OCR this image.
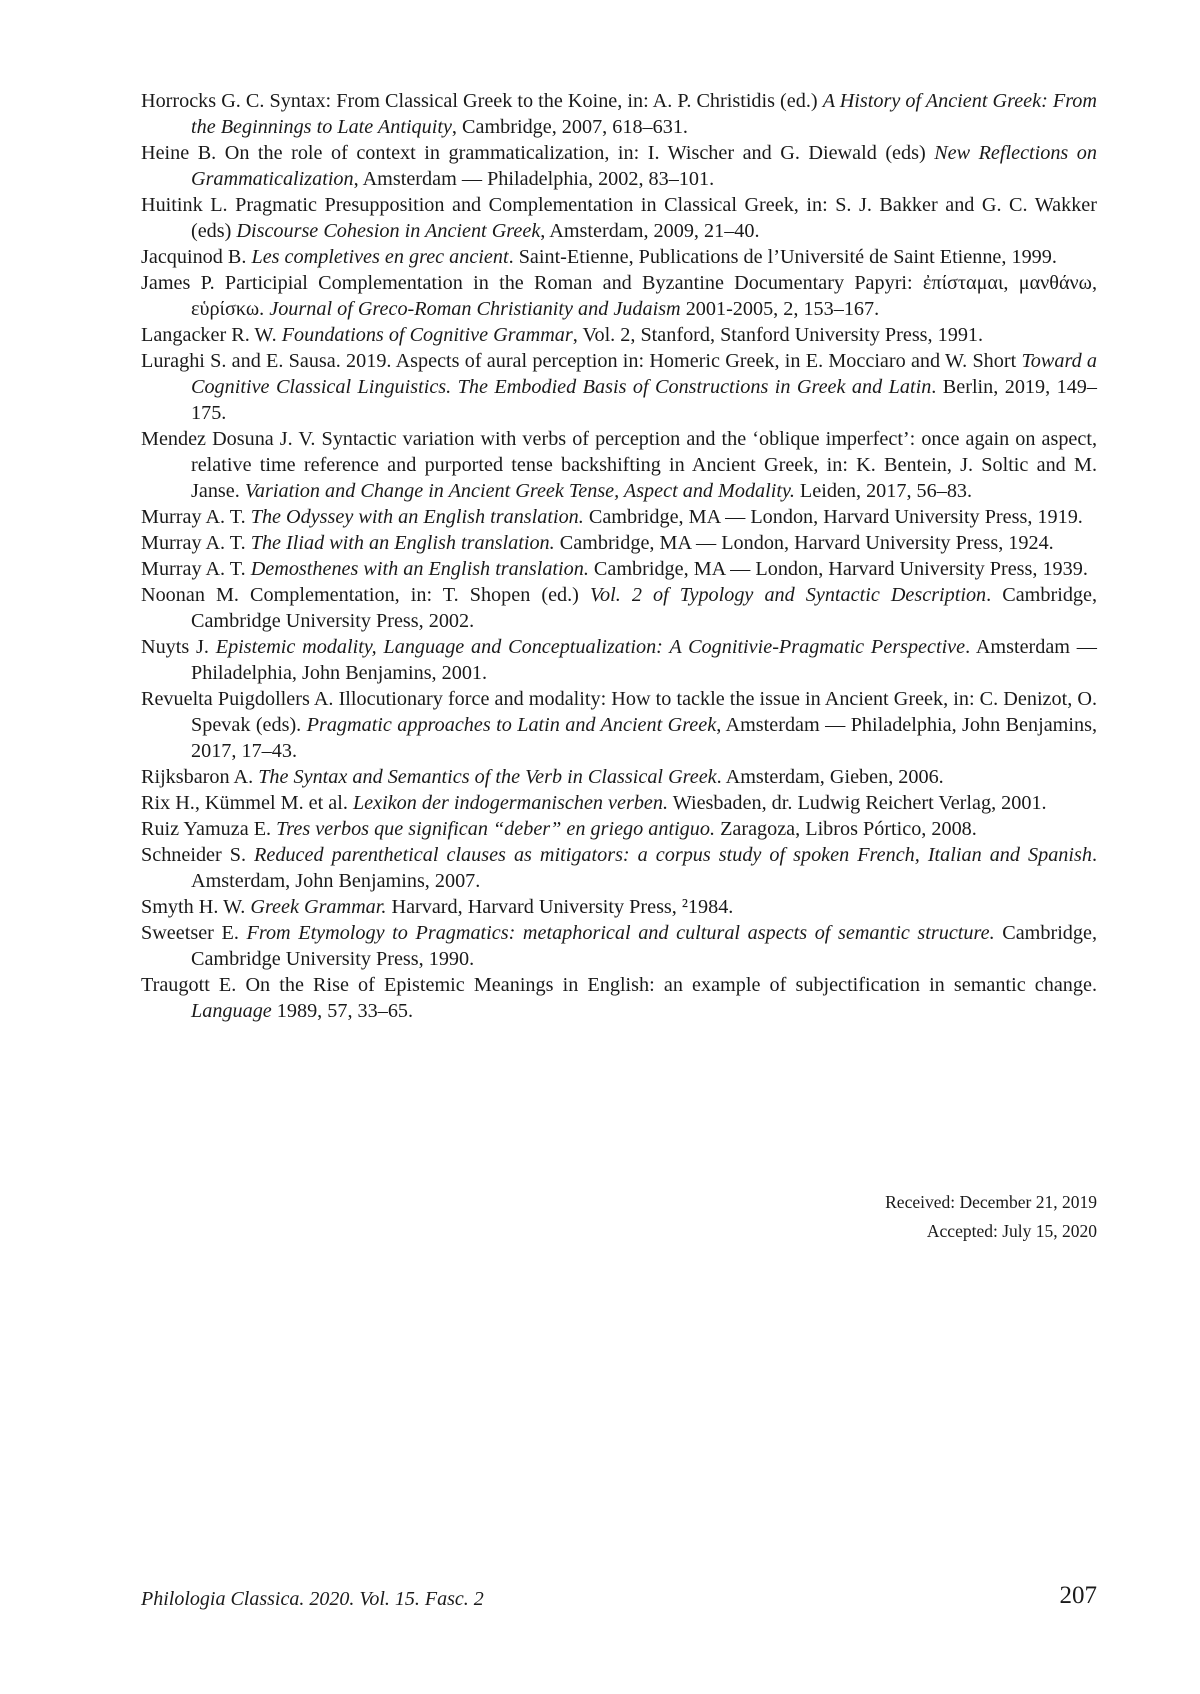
Horrocks G. C. Syntax: From Classical Greek to the Koine, in: A. P. Christidis (ed.) A History of Ancient Greek: From the Beginnings to Late Antiquity, Cambridge, 2007, 618–631.

Heine B. On the role of context in grammaticalization, in: I. Wischer and G. Diewald (eds) New Reflections on Grammaticalization, Amsterdam — Philadelphia, 2002, 83–101.

Huitink L. Pragmatic Presupposition and Complementation in Classical Greek, in: S. J. Bakker and G. C. Wakker (eds) Discourse Cohesion in Ancient Greek, Amsterdam, 2009, 21–40.

Jacquinod B. Les completives en grec ancient. Saint-Etienne, Publications de l’Université de Saint Etienne, 1999.

James P. Participial Complementation in the Roman and Byzantine Documentary Papyri: ἐπίσταμαι, μανθάνω, εὑρίσκω. Journal of Greco-Roman Christianity and Judaism 2001-2005, 2, 153–167.

Langacker R. W. Foundations of Cognitive Grammar, Vol. 2, Stanford, Stanford University Press, 1991.

Luraghi S. and E. Sausa. 2019. Aspects of aural perception in: Homeric Greek, in E. Mocciaro and W. Short Toward a Cognitive Classical Linguistics. The Embodied Basis of Constructions in Greek and Latin. Berlin, 2019, 149–175.

Mendez Dosuna J. V. Syntactic variation with verbs of perception and the ‘oblique imperfect’: once again on aspect, relative time reference and purported tense backshifting in Ancient Greek, in: K. Bentein, J. Soltic and M. Janse. Variation and Change in Ancient Greek Tense, Aspect and Modality. Leiden, 2017, 56–83.

Murray A. T. The Odyssey with an English translation. Cambridge, MA — London, Harvard University Press, 1919.

Murray A. T. The Iliad with an English translation. Cambridge, MA — London, Harvard University Press, 1924.

Murray A. T. Demosthenes with an English translation. Cambridge, MA — London, Harvard University Press, 1939.

Noonan M. Complementation, in: T. Shopen (ed.) Vol. 2 of Typology and Syntactic Description. Cambridge, Cambridge University Press, 2002.

Nuyts J. Epistemic modality, Language and Conceptualization: A Cognitivie-Pragmatic Perspective. Amsterdam — Philadelphia, John Benjamins, 2001.

Revuelta Puigdollers A. Illocutionary force and modality: How to tackle the issue in Ancient Greek, in: C. Denizot, O. Spevak (eds). Pragmatic approaches to Latin and Ancient Greek, Amsterdam — Philadelphia, John Benjamins, 2017, 17–43.

Rijksbaron A. The Syntax and Semantics of the Verb in Classical Greek. Amsterdam, Gieben, 2006.

Rix H., Kümmel M. et al. Lexikon der indogermanischen verben. Wiesbaden, dr. Ludwig Reichert Verlag, 2001.

Ruiz Yamuza E. Tres verbos que significan “deber” en griego antiguo. Zaragoza, Libros Pórtico, 2008.

Schneider S. Reduced parenthetical clauses as mitigators: a corpus study of spoken French, Italian and Spanish. Amsterdam, John Benjamins, 2007.

Smyth H. W. Greek Grammar. Harvard, Harvard University Press, ²1984.

Sweetser E. From Etymology to Pragmatics: metaphorical and cultural aspects of semantic structure. Cambridge, Cambridge University Press, 1990.

Traugott E. On the Rise of Epistemic Meanings in English: an example of subjectification in semantic change. Language 1989, 57, 33–65.

Received: December 21, 2019
Accepted: July 15, 2020
Philologia Classica. 2020. Vol. 15. Fasc. 2	207
